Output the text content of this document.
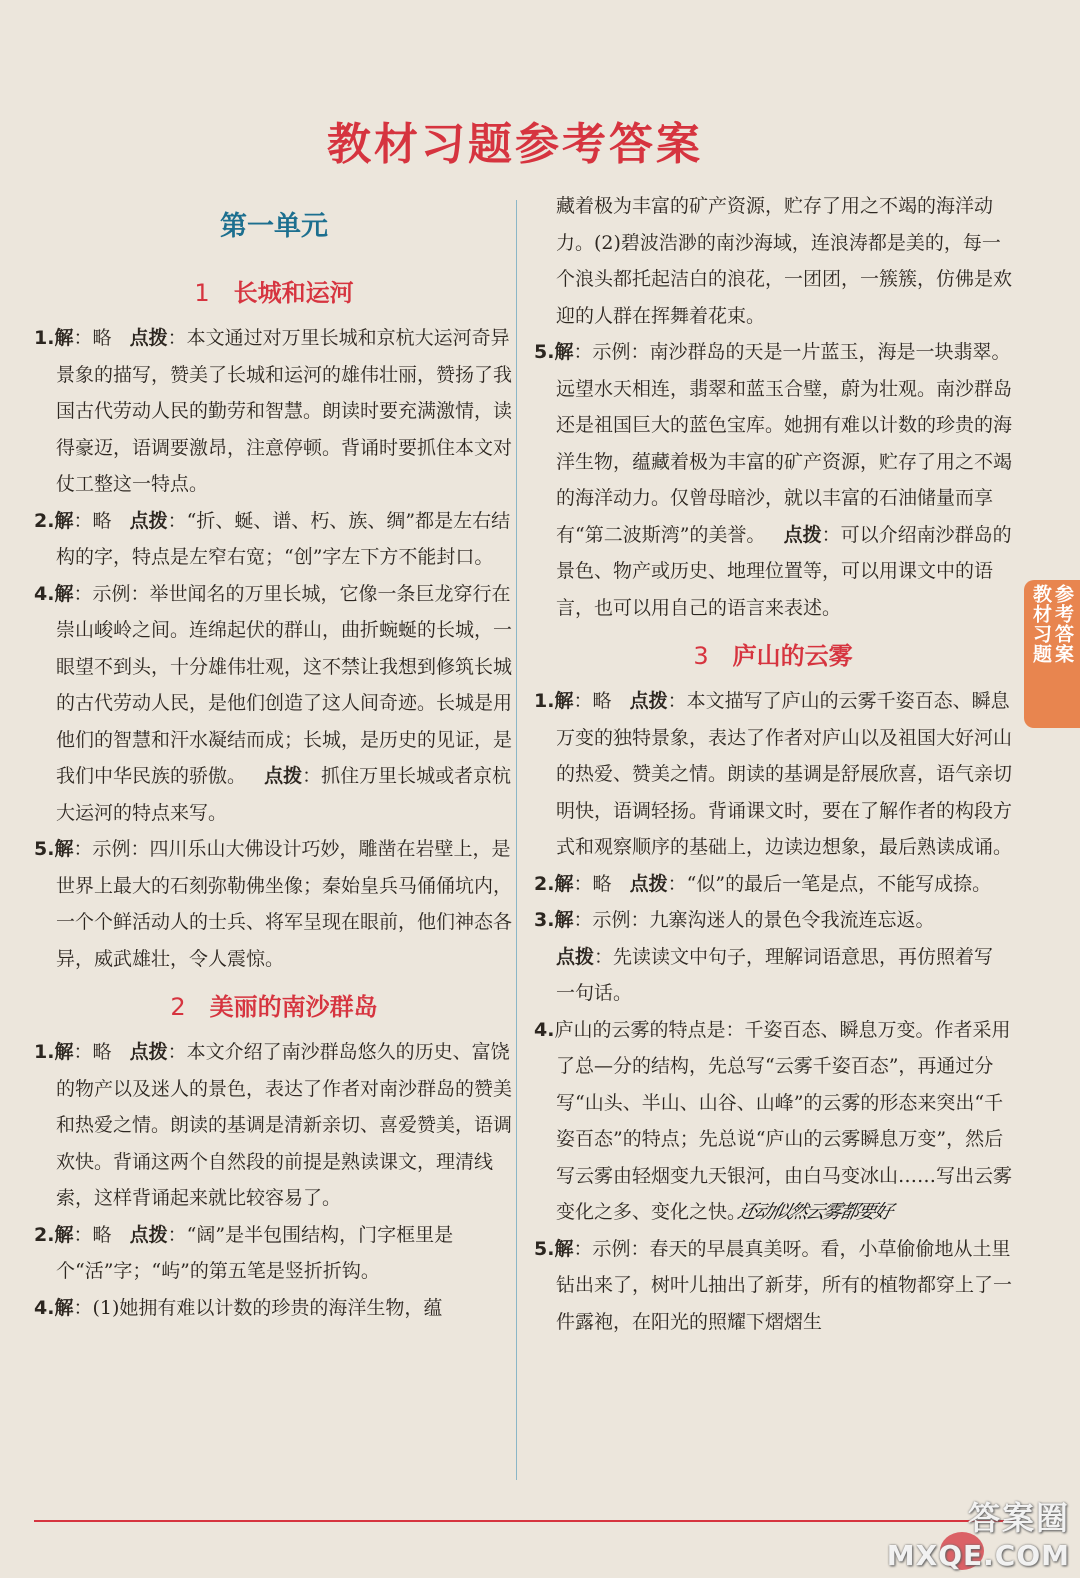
教材习题参考答案
第一单元
1 长城和运河

1.解：略 点拨：本文通过对万里长城和京杭大运河奇异景象的描写，赞美了长城和运河的雄伟壮丽，赞扬了我国古代劳动人民的勤劳和智慧。朗读时要充满激情，读得豪迈，语调要激昂，注意停顿。背诵时要抓住本文对仗工整这一特点。

2.解：略 点拨：“折、蜒、谱、朽、族、绸”都是左右结构的字，特点是左窄右宽；“创”字左下方不能封口。

4.解：示例：举世闻名的万里长城，它像一条巨龙穿行在崇山峻岭之间。连绵起伏的群山，曲折蜿蜒的长城，一眼望不到头，十分雄伟壮观，这不禁让我想到修筑长城的古代劳动人民，是他们创造了这人间奇迹。长城是用他们的智慧和汗水凝结而成；长城，是历史的见证，是我们中华民族的骄傲。 点拨：抓住万里长城或者京杭大运河的特点来写。

5.解：示例：四川乐山大佛设计巧妙，雕凿在岩壁上，是世界上最大的石刻弥勒佛坐像；秦始皇兵马俑俑坑内，一个个鲜活动人的士兵、将军呈现在眼前，他们神态各异，威武雄壮，令人震惊。

2 美丽的南沙群岛

1.解：略 点拨：本文介绍了南沙群岛悠久的历史、富饶的物产以及迷人的景色，表达了作者对南沙群岛的赞美和热爱之情。朗读的基调是清新亲切、喜爱赞美，语调欢快。背诵这两个自然段的前提是熟读课文，理清线索，这样背诵起来就比较容易了。

2.解：略 点拨：“阔”是半包围结构，门字框里是个“活”字；“屿”的第五笔是竖折折钩。

4.解：(1)她拥有难以计数的珍贵的海洋生物，蕴

藏着极为丰富的矿产资源，贮存了用之不竭的海洋动力。(2)碧波浩渺的南沙海域，连浪涛都是美的，每一个浪头都托起洁白的浪花，一团团，一簇簇，仿佛是欢迎的人群在挥舞着花束。

5.解：示例：南沙群岛的天是一片蓝玉，海是一块翡翠。远望水天相连，翡翠和蓝玉合璧，蔚为壮观。南沙群岛还是祖国巨大的蓝色宝库。她拥有难以计数的珍贵的海洋生物，蕴藏着极为丰富的矿产资源，贮存了用之不竭的海洋动力。仅曾母暗沙，就以丰富的石油储量而享有“第二波斯湾”的美誉。 点拨：可以介绍南沙群岛的景色、物产或历史、地理位置等，可以用课文中的语言，也可以用自己的语言来表述。

3 庐山的云雾

1.解：略 点拨：本文描写了庐山的云雾千姿百态、瞬息万变的独特景象，表达了作者对庐山以及祖国大好河山的热爱、赞美之情。朗读的基调是舒展欣喜，语气亲切明快，语调轻扬。背诵课文时，要在了解作者的构段方式和观察顺序的基础上，边读边想象，最后熟读成诵。

2.解：略 点拨：“似”的最后一笔是点，不能写成捺。

3.解：示例：九寨沟迷人的景色令我流连忘返。

点拨：先读读文中句子，理解词语意思，再仿照着写一句话。

4.庐山的云雾的特点是：千姿百态、瞬息万变。作者采用了总—分的结构，先总写“云雾千姿百态”，再通过分写“山头、半山、山谷、山峰”的云雾的形态来突出“千姿百态”的特点；先总说“庐山的云雾瞬息万变”，然后写云雾由轻烟变九天银河，由白马变冰山……写出云雾变化之多、变化之快。还动似然云雾都要好

5.解：示例：春天的早晨真美呀。看，小草偷偷地从土里钻出来了，树叶儿抽出了新芽，所有的植物都穿上了一件露袍，在阳光的照耀下熠熠生

参考答案
教材习题
答案圈
MXQE.COM
